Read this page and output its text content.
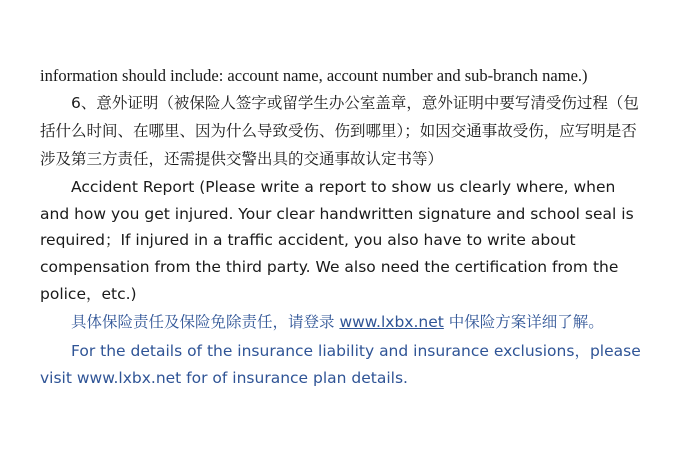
information should include: account name, account number and sub-branch name.)

6、意外证明（被保险人签字或留学生办公室盖章，意外证明中要写清受伤过程（包括什么时间、在哪里、因为什么导致受伤、伤到哪里）；如因交通事故受伤，应写明是否涉及第三方责任，还需提供交警出具的交通事故认定书等）

Accident Report (Please write a report to show us clearly where, when and how you get injured. Your clear handwritten signature and school seal is required；If injured in a traffic accident, you also have to write about compensation from the third party. We also need the certification from the police，etc.)

具体保险责任及保险免除责任，请登录 www.lxbx.net 中保险方案详细了解。

For the details of the insurance liability and insurance exclusions，please visit www.lxbx.net for of insurance plan details.
